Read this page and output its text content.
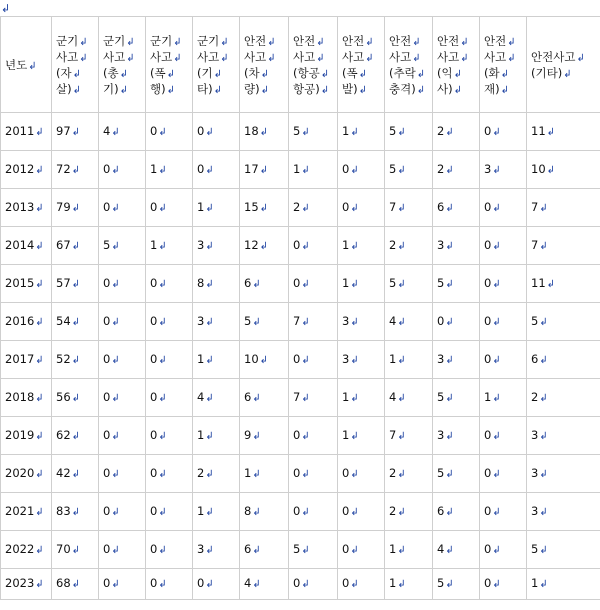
↲
년도↲	군기↲
사고↲
(자↲
살)↲	군기↲
사고↲
(총↲
기)↲	군기↲
사고↲
(폭↲
행)↲	군기↲
사고↲
(기↲
타)↲	안전↲
사고↲
(차↲
량)↲	안전↲
사고↲
(항공↲
항공)↲	안전↲
사고↲
(폭↲
발)↲	안전↲
사고↲
(추락↲
충격)↲	안전↲
사고↲
(익↲
사)↲	안전↲
사고↲
(화↲
재)↲	안전사고↲
(기타)↲

2011↲	97↲	4↲	0↲	0↲	18↲	5↲	1↲	5↲	2↲	0↲	11↲
2012↲	72↲	0↲	1↲	0↲	17↲	1↲	0↲	5↲	2↲	3↲	10↲
2013↲	79↲	0↲	0↲	1↲	15↲	2↲	0↲	7↲	6↲	0↲	7↲
2014↲	67↲	5↲	1↲	3↲	12↲	0↲	1↲	2↲	3↲	0↲	7↲
2015↲	57↲	0↲	0↲	8↲	6↲	0↲	1↲	5↲	5↲	0↲	11↲
2016↲	54↲	0↲	0↲	3↲	5↲	7↲	3↲	4↲	0↲	0↲	5↲
2017↲	52↲	0↲	0↲	1↲	10↲	0↲	3↲	1↲	3↲	0↲	6↲
2018↲	56↲	0↲	0↲	4↲	6↲	7↲	1↲	4↲	5↲	1↲	2↲
2019↲	62↲	0↲	0↲	1↲	9↲	0↲	1↲	7↲	3↲	0↲	3↲
2020↲	42↲	0↲	0↲	2↲	1↲	0↲	0↲	2↲	5↲	0↲	3↲
2021↲	83↲	0↲	0↲	1↲	8↲	0↲	0↲	2↲	6↲	0↲	3↲
2022↲	70↲	0↲	0↲	3↲	6↲	5↲	0↲	1↲	4↲	0↲	5↲
2023↲	68↲	0↲	0↲	0↲	4↲	0↲	0↲	1↲	5↲	0↲	1↲
